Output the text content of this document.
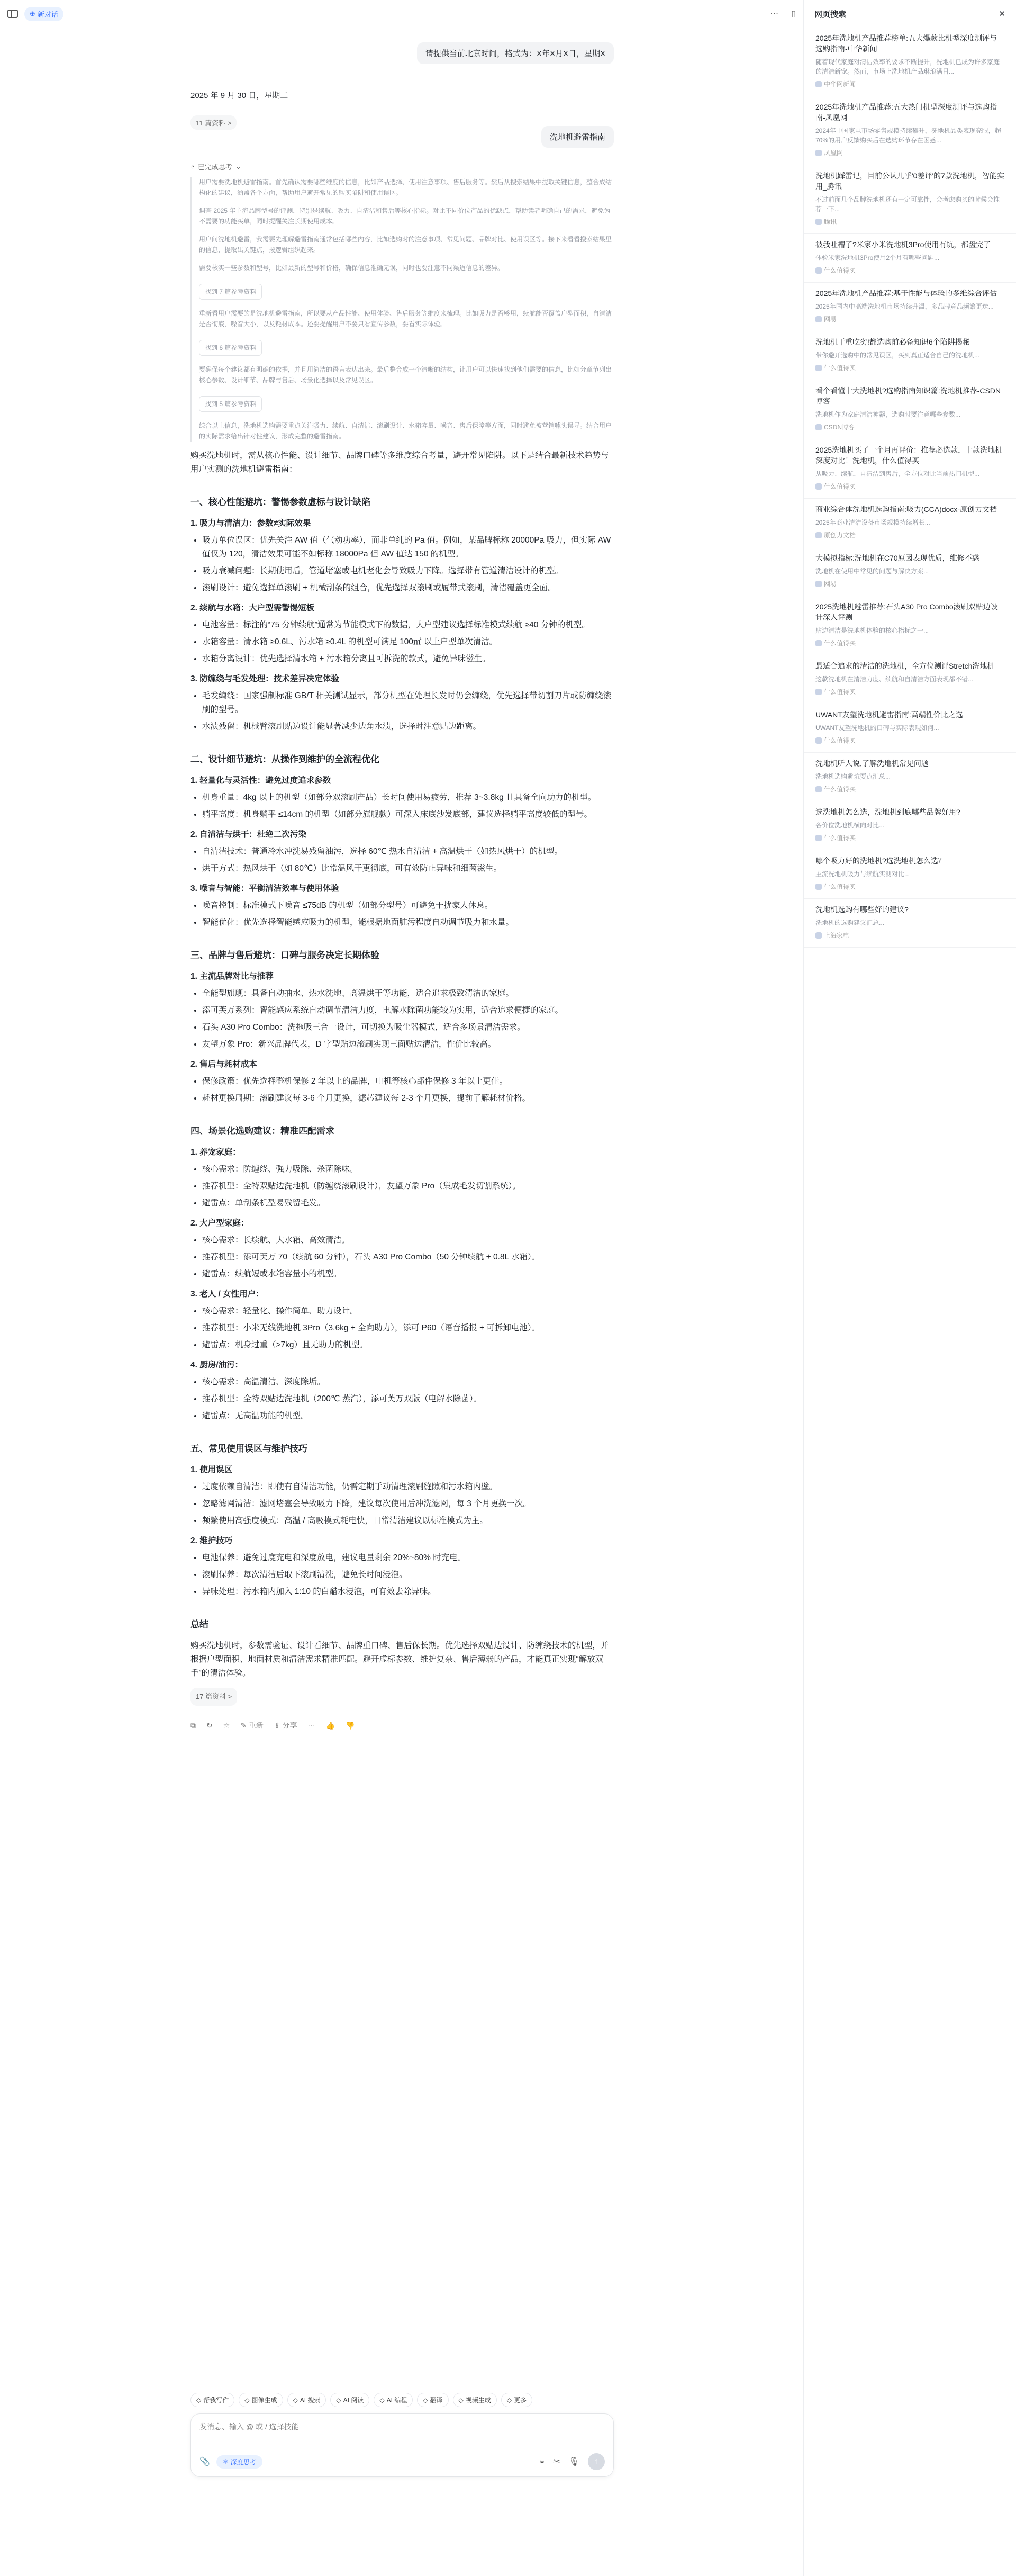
⊕ 新对话	··· ▯
请提供当前北京时间，格式为：X年X月X日，星期X
2025 年 9 月 30 日，星期二
11 篇资料 >
洗地机避雷指南
◔ 已完成思考 ⌄

用户需要洗地机避雷指南。首先确认需要哪些维度的信息，比如产品选择、使用注意事项、售后服务等。然后从搜索结果中提取关键信息，整合成结构化的建议，涵盖各个方面，帮助用户避开常见的购买陷阱和使用误区。

调查 2025 年主流品牌型号的评测，特别是续航、吸力、自清洁和售后等核心指标。对比不同价位产品的优缺点，帮助读者明确自己的需求，避免为不需要的功能买单，同时提醒关注长期使用成本。

用户问洗地机避雷，我需要先理解避雷指南通常包括哪些内容，比如选购时的注意事项、常见问题、品牌对比、使用误区等。接下来看看搜索结果里的信息，提取出关键点，按逻辑组织起来。

需要核实一些参数和型号，比如最新的型号和价格，确保信息准确无误，同时也要注意不同渠道信息的差异。

找到 7 篇参考资料

重新看用户需要的是洗地机避雷指南，所以要从产品性能、使用体验、售后服务等维度来梳理。比如吸力是否够用，续航能否覆盖户型面积，自清洁是否彻底，噪音大小，以及耗材成本。还要提醒用户不要只看宣传参数，要看实际体验。

找到 6 篇参考资料

要确保每个建议都有明确的依据，并且用简洁的语言表达出来。最后整合成一个清晰的结构，让用户可以快速找到他们需要的信息，比如分章节列出核心参数、设计细节、品牌与售后、场景化选择以及常见误区。

找到 5 篇参考资料

综合以上信息，洗地机选购需要重点关注吸力、续航、自清洁、滚刷设计、水箱容量、噪音、售后保障等方面，同时避免被营销噱头误导。结合用户的实际需求给出针对性建议，形成完整的避雷指南。

购买洗地机时，需从核心性能、设计细节、品牌口碑等多维度综合考量，避开常见陷阱。以下是结合最新技术趋势与用户实测的洗地机避雷指南：

一、核心性能避坑：警惕参数虚标与设计缺陷
1. 吸力与清洁力：参数≠实际效果
• 吸力单位误区：优先关注 AW 值（气动功率），而非单纯的 Pa 值。例如，某品牌标称 20000Pa 吸力，但实际 AW 值仅为 120，清洁效果可能不如标称 18000Pa 但 AW 值达 150 的机型。
• 吸力衰减问题：长期使用后，管道堵塞或电机老化会导致吸力下降。选择带有管道清洁设计的机型。
• 滚刷设计：避免选择单滚刷 + 机械刮条的组合，优先选择双滚刷或履带式滚刷，清洁覆盖更全面。
2. 续航与水箱：大户型需警惕短板
• 电池容量：标注的“75 分钟续航”通常为节能模式下的数据，大户型建议选择标准模式续航 ≥40 分钟的机型。
• 水箱容量：清水箱 ≥0.6L、污水箱 ≥0.4L 的机型可满足 100㎡ 以上户型单次清洁。
• 水箱分离设计：优先选择清水箱 + 污水箱分离且可拆洗的款式，避免异味滋生。
3. 防缠绕与毛发处理：技术差异决定体验
• 毛发缠绕：国家强制标准 GB/T 相关测试显示，部分机型在处理长发时仍会缠绕，优先选择带切割刀片或防缠绕滚刷的型号。
• 水渍残留：机械臂滚刷贴边设计能显著减少边角水渍，选择时注意贴边距离。
二、设计细节避坑：从操作到维护的全流程优化
1. 轻量化与灵活性：避免过度追求参数
• 机身重量：4kg 以上的机型（如部分双滚刷产品）长时间使用易疲劳，推荐 3~3.8kg 且具备全向助力的机型。
• 躺平高度：机身躺平 ≤14cm 的机型（如部分旗舰款）可深入床底沙发底部，建议选择躺平高度较低的型号。
2. 自清洁与烘干：杜绝二次污染
• 自清洁技术：普通冷水冲洗易残留油污，选择 60℃ 热水自清洁 + 高温烘干（如热风烘干）的机型。
• 烘干方式：热风烘干（如 80℃）比常温风干更彻底，可有效防止异味和细菌滋生。
3. 噪音与智能：平衡清洁效率与使用体验
• 噪音控制：标准模式下噪音 ≤75dB 的机型（如部分型号）可避免干扰家人休息。
• 智能优化：优先选择智能感应吸力的机型，能根据地面脏污程度自动调节吸力和水量。
三、品牌与售后避坑：口碑与服务决定长期体验
1. 主流品牌对比与推荐
• 全能型旗舰：具备自动抽水、热水洗地、高温烘干等功能，适合追求极致清洁的家庭。
• 添可芙万系列：智能感应系统自动调节清洁力度，电解水除菌功能较为实用，适合追求便捷的家庭。
• 石头 A30 Pro Combo：洗拖吸三合一设计，可切换为吸尘器模式，适合多场景清洁需求。
• 友望万象 Pro：新兴品牌代表，D 字型贴边滚刷实现三面贴边清洁，性价比较高。
2. 售后与耗材成本
• 保修政策：优先选择整机保修 2 年以上的品牌，电机等核心部件保修 3 年以上更佳。
• 耗材更换周期：滚刷建议每 3-6 个月更换，滤芯建议每 2-3 个月更换，提前了解耗材价格。
四、场景化选购建议：精准匹配需求
1. 养宠家庭：
• 核心需求：防缠绕、强力吸除、杀菌除味。
• 推荐机型：全特双贴边洗地机（防缠绕滚刷设计），友望万象 Pro（集成毛发切割系统）。
• 避雷点：单刮条机型易残留毛发。
2. 大户型家庭：
• 核心需求：长续航、大水箱、高效清洁。
• 推荐机型：添可芙万 70（续航 60 分钟），石头 A30 Pro Combo（50 分钟续航 + 0.8L 水箱）。
• 避雷点：续航短或水箱容量小的机型。
3. 老人 / 女性用户：
• 核心需求：轻量化、操作简单、助力设计。
• 推荐机型：小米无线洗地机 3Pro（3.6kg + 全向助力），添可 P60（语音播报 + 可拆卸电池）。
• 避雷点：机身过重（>7kg）且无助力的机型。
4. 厨房/油污：
• 核心需求：高温清洁、深度除垢。
• 推荐机型：全特双贴边洗地机（200℃ 蒸汽），添可芙万双版（电解水除菌）。
• 避雷点：无高温功能的机型。
五、常见使用误区与维护技巧
1. 使用误区
• 过度依赖自清洁：即使有自清洁功能，仍需定期手动清理滚刷缝隙和污水箱内壁。
• 忽略滤网清洁：滤网堵塞会导致吸力下降，建议每次使用后冲洗滤网，每 3 个月更换一次。
• 频繁使用高强度模式：高温 / 高吸模式耗电快，日常清洁建议以标准模式为主。
2. 维护技巧
• 电池保养：避免过度充电和深度放电，建议电量剩余 20%~80% 时充电。
• 滚刷保养：每次清洁后取下滚刷清洗，避免长时间浸泡。
• 异味处理：污水箱内加入 1:10 的白醋水浸泡，可有效去除异味。
总结

购买洗地机时，参数需验证、设计看细节、品牌重口碑、售后保长期。优先选择双贴边设计、防缠绕技术的机型，并根据户型面积、地面材质和清洁需求精准匹配。避开虚标参数、维护复杂、售后薄弱的产品，才能真正实现“解放双手”的清洁体验。

17 篇资料 >
⧉ ↻ ☆ ✎ 重新 ⇪ 分享 ··· 👍 👎
◇ 帮我写作	◇ 图像生成	◇ AI 搜索	◇ AI 阅读	◇ AI 编程	◇ 翻译	◇ 视频生成	◇ 更多
发消息、输入 @ 或 / 选择技能
📎 ⚛ 深度思考	◒ ✂ 🎙 ↑
网页搜索	✕
2025年洗地机产品推荐榜单:五大爆款比机型深度测评与选购指南-中华新闻
随着现代家庭对清洁效率的要求不断提升，洗地机已成为许多家庭的清洁新宠。然而，市场上洗地机产品琳琅满目...
中华网新闻
2025年洗地机产品推荐:五大热门机型深度测评与选购指南-凤凰网
2024年中国家电市场零售规模持续攀升，洗地机品类表现亮眼，超70%的用户反馈购买后在选购环节存在困惑...
凤凰网
洗地机踩雷记，目前公认几乎'0差评'的7款洗地机，智能实用_腾讯
不过前面几个品牌洗地机还有一定可靠性，会考虑购买的时候会推荐一下...
腾讯
被我吐槽了?米家小米洗地机3Pro使用有坑，都盘完了
体验米家洗地机3Pro使用2个月有哪些问题...
什么值得买
2025年洗地机产品推荐:基于性能与体验的多维综合评估
2025年国内中高端洗地机市场持续升温，多品牌竞品频繁更迭...
网易
洗地机干重吃劣!都选购前必备知识6个陷阱揭秘
带你避开选购中的常见误区，买到真正适合自己的洗地机...
什么值得买
看个看懂十大洗地机?选购指南知识篇:洗地机推荐-CSDN博客
洗地机作为家庭清洁神器，选购时要注意哪些参数...
CSDN博客
2025洗地机买了一个月再评价：推荐必选款，十款洗地机深度对比！洗地机，什么值得买
从吸力、续航、自清洁到售后，全方位对比当前热门机型...
什么值得买
商业综合体洗地机选购指南:吸力(CCA)docx-原创力文档
2025年商业清洁设备市场规模持续增长...
原创力文档
大模拟指标:洗地机在C70原因表现优质，维修不惑
洗地机在使用中常见的问题与解决方案...
网易
2025洗地机避雷推荐:石头A30 Pro Combo滚刷双贴边设计深入评测
贴边清洁是洗地机体验的核心指标之一...
什么值得买
最适合追求的清洁的洗地机，全方位测评Stretch洗地机
这款洗地机在清洁力度、续航和自清洁方面表现都不错...
什么值得买
UWANT友望洗地机避雷指南:高端性价比之选
UWANT友望洗地机的口碑与实际表现如何...
什么值得买
洗地机听人说,了解洗地机常见问题
洗地机选购避坑要点汇总...
什么值得买
选洗地机怎么选，洗地机到底哪些品牌好用?
各价位洗地机横向对比...
什么值得买
哪个吸力好的洗地机?选洗地机怎么选？
主流洗地机吸力与续航实测对比...
什么值得买
洗地机选购有哪些好的建议?
洗地机的选购建议汇总...
上海家电
